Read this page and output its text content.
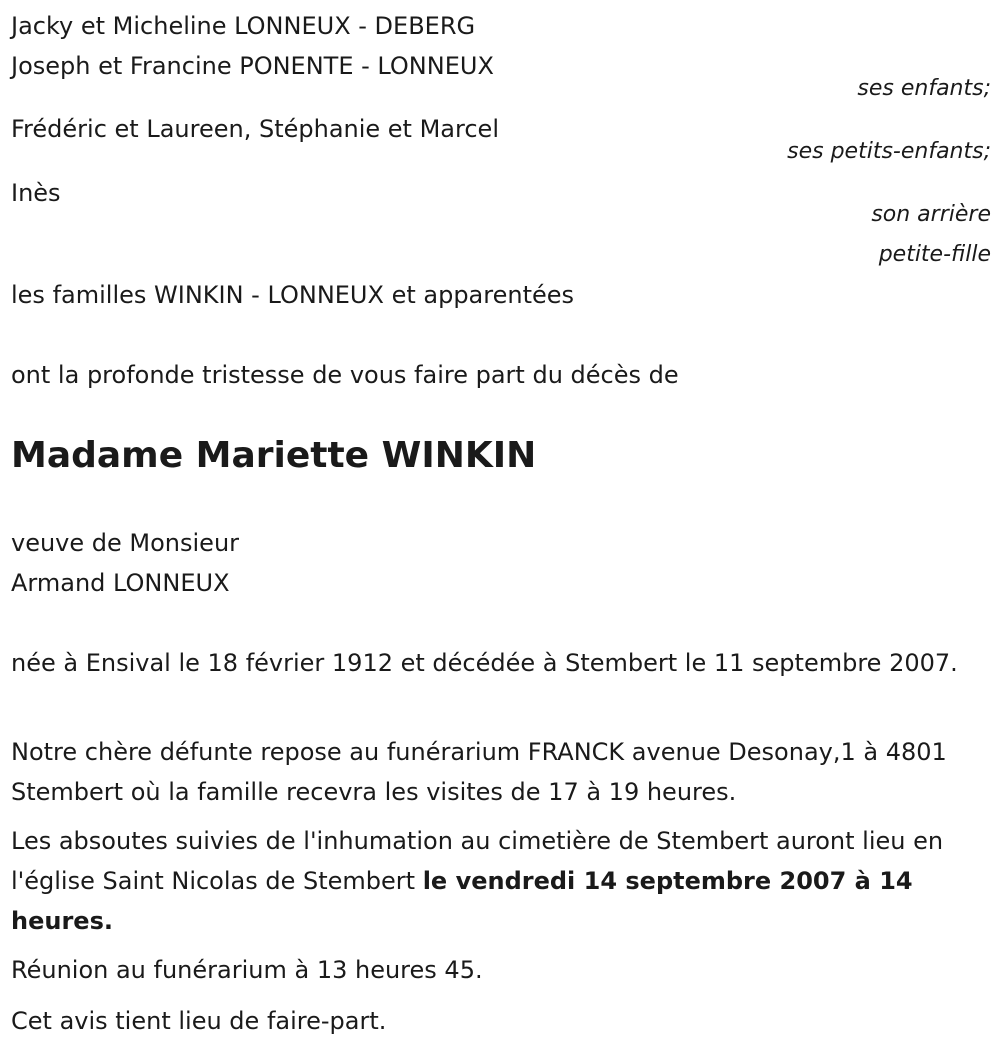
Jacky et Micheline LONNEUX - DEBERG
Joseph et Francine PONENTE - LONNEUX
ses enfants;
Frédéric et Laureen, Stéphanie et Marcel
ses petits-enfants;
Inès
son arrière
petite-fille
les familles WINKIN - LONNEUX et apparentées
ont la profonde tristesse de vous faire part du décès de
Madame Mariette WINKIN
veuve de Monsieur
Armand LONNEUX
née à Ensival le 18 février 1912 et décédée à Stembert le 11 septembre 2007.
Notre chère défunte repose au funérarium FRANCK avenue Desonay,1 à 4801 Stembert où la famille recevra les visites de 17 à 19 heures.
Les absoutes suivies de l'inhumation au cimetière de Stembert auront lieu en l'église Saint Nicolas de Stembert le vendredi 14 septembre 2007 à 14 heures.
Réunion au funérarium à 13 heures 45.
Cet avis tient lieu de faire-part.
